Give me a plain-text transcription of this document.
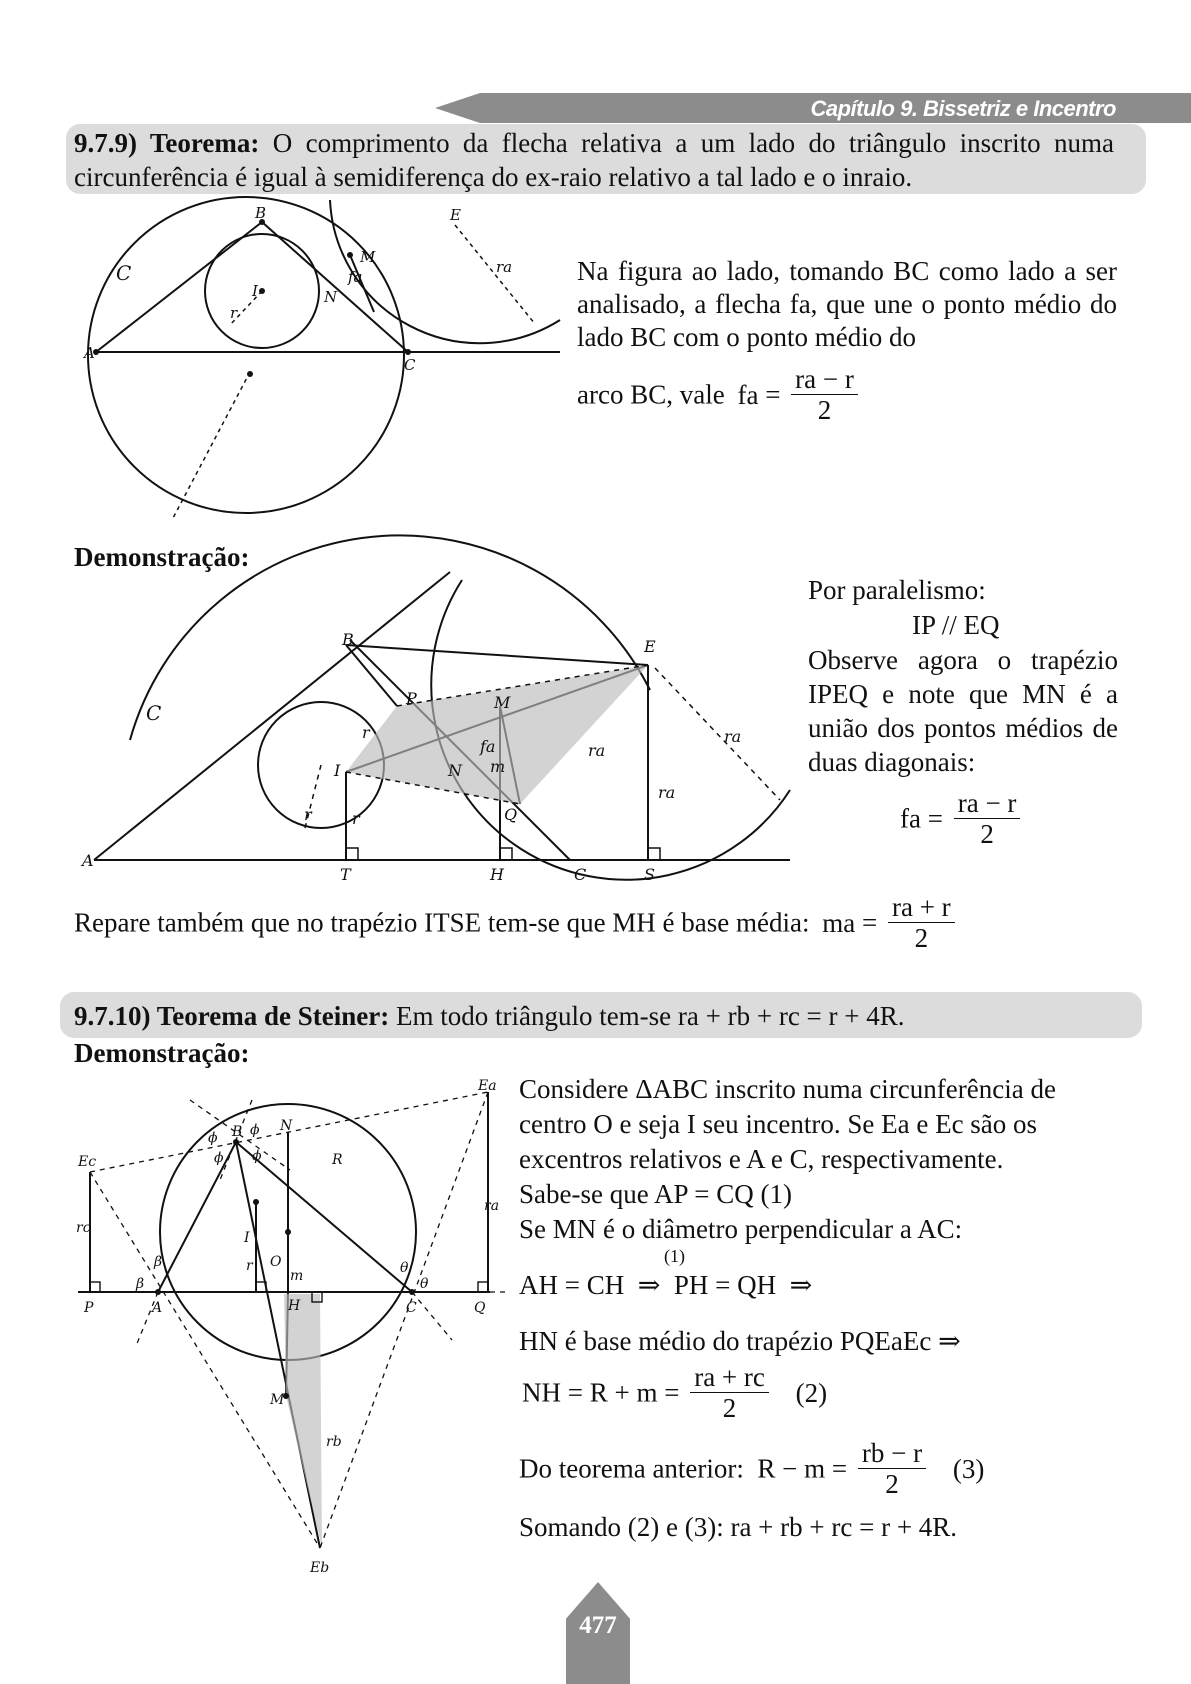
Capítulo 9. Bissetriz e Incentro
9.7.9) Teorema: O comprimento da flecha relativa a um lado do triângulo inscrito numa circunferência é igual à semidiferença do ex-raio relativo a tal lado e o inraio.
B	E
M
N
fa
ra
I
r
A
C
C	Na figura ao lado, tomando BC como lado a ser analisado, a flecha fa, que une o ponto médio do lado BC com o ponto médio do
arco BC, vale fa = $\frac{ra - r}{2}$
Demonstração:
B	E
P	M
I	N
Q
fa
m
ra
ra
ra
r
r
r
A
T	H	C	S
C
Por paralelismo:
IP // EQ
Observe agora o trapézio IPEQ e note que MN é a união dos pontos médios de duas diagonais:
fa = $\frac{ra - r}{2}$
Repare também que no trapézio ITSE tem-se que MH é base média: ma = $\frac{ra + r}{2}$
9.7.10) Teorema de Steiner: Em todo triângulo tem-se ra + rb + rc = r + 4R.
Demonstração:
Ea
Ec
Eb
B	N
R
I
O
m
r
A	H	C
P	Q
M
ra
rc
rb
β
β
θ
θ
ϕ
ϕ
ϕ
ϕ
Considere ΔABC inscrito numa circunferência de
centro O e seja I seu incentro. Se Ea e Ec são os
excentros relativos e A e C, respectivamente.
Sabe-se que AP = CQ (1)
Se MN é o diâmetro perpendicular a AC:
(1)
AH = CH  ⇒  PH = QH  ⇒
HN é base médio do trapézio PQEaEc ⇒
NH = $R + m = \frac{ra + rc}{2} (2)$
Do teorema anterior:  $R - m = \frac{rb - r}{2} (3)$
Somando (2) e (3): ra + rb + rc = r + 4R.
477
